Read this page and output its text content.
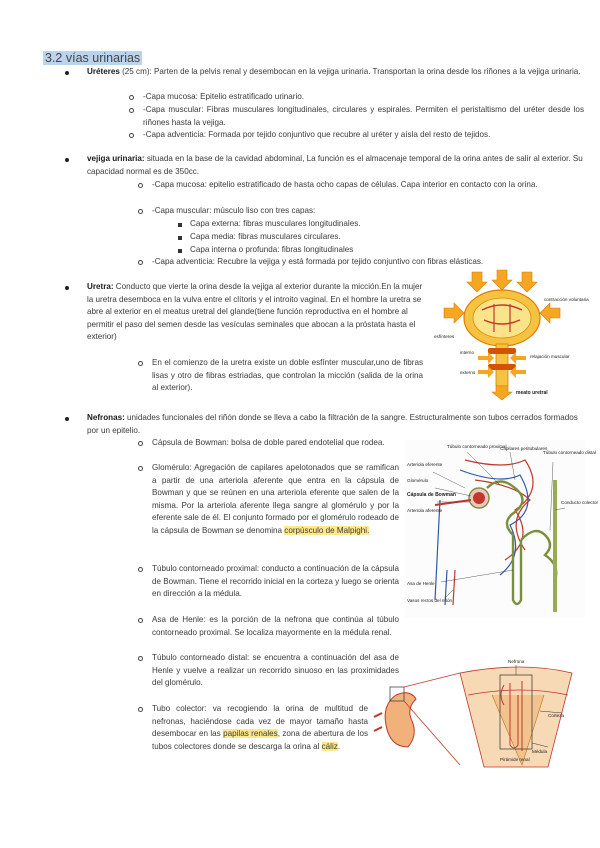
3.2 vías urinarias
Uréteres (25 cm): Parten de la pelvis renal y desembocan en la vejiga urinaria. Transportan la orina desde los riñones a la vejiga urinaria.
-Capa mucosa: Epitelio estratificado urinario.
-Capa muscular: Fibras musculares longitudinales, circulares y espirales. Permiten el peristaltismo del uréter desde los riñones hasta la vejiga.
-Capa adventicia: Formada por tejido conjuntivo que recubre al uréter y aísla del resto de tejidos.
vejiga urinaria: situada en la base de la cavidad abdominal, La función es el almacenaje temporal de la orina antes de salir al exterior. Su capacidad normal es de 350cc.
-Capa mucosa: epitelio estratificado de hasta ocho capas de células. Capa interior en contacto con la orina.
-Capa muscular: músculo liso con tres capas:
Capa externa: fibras musculares longitudinales.
Capa media: fibras musculares circulares.
Capa interna o profunda: fibras longitudinales
-Capa adventicia: Recubre la vejiga y está formada por tejido conjuntivo con fibras elásticas.
Uretra: Conducto que vierte la orina desde la vejiga al exterior durante la micción.En la mujer la uretra desemboca en la vulva entre el clítoris y el introito vaginal. En el hombre la uretra se abre al exterior en el meatus uretral del glande(tiene función reproductiva en el hombre al permitir el paso del semen desde las vesículas seminales que abocan a la próstata hasta el exterior)
En el comienzo de la uretra existe un doble esfínter muscular,uno de fibras lisas y otro de fibras estriadas, que controlan la micción (salida de la orina al exterior).
contracción voluntaria
esfínteres
interno
externo
relajación muscular
meato uretral
Nefronas: unidades funcionales del riñón donde se lleva a cabo la filtración de la sangre. Estructuralmente son tubos cerrados formados por un epitelio.
Cápsula de Bowman: bolsa de doble pared endotelial que rodea.
Glomérulo: Agregación de capilares apelotonados que se ramifican a partir de una arteriola aferente que entra en la cápsula de Bowman y que se reúnen en una arteriola eferente que salen de la misma. Por la arteriola aferente llega sangre al glomérulo y por la eferente sale de él. El conjunto formado por el glomérulo rodeado de la cápsula de Bowman se denomina corpúsculo de Malpighi.
Túbulo contorneado proximal: conducto a continuación de la cápsula de Bowman. Tiene el recorrido inicial en la corteza y luego se orienta en dirección a la médula.
Asa de Henle: es la porción de la nefrona que continúa al túbulo contorneado proximal. Se localiza mayormente en la médula renal.
Túbulo contorneado distal: se encuentra a continuación del asa de Henle y vuelve a realizar un recorrido sinuoso en las proximidades del glomérulo.
Tubo colector: va recogiendo la orina de multitud de nefronas, haciéndose cada vez de mayor tamaño hasta desembocar en las papilas renales, zona de abertura de los tubos colectores donde se descarga la orina al cáliz.
Túbulo contorneado proximal
Capilares peritubulares
Túbulo contorneado distal
Arteriola eferente
Glomérulo
Cápsula de Bowman
Arteriola aferente
Conducto colector
Asa de Henle
Vasos rectos del riñón
Nefrona
Corteza
Médula
Pirámide renal
